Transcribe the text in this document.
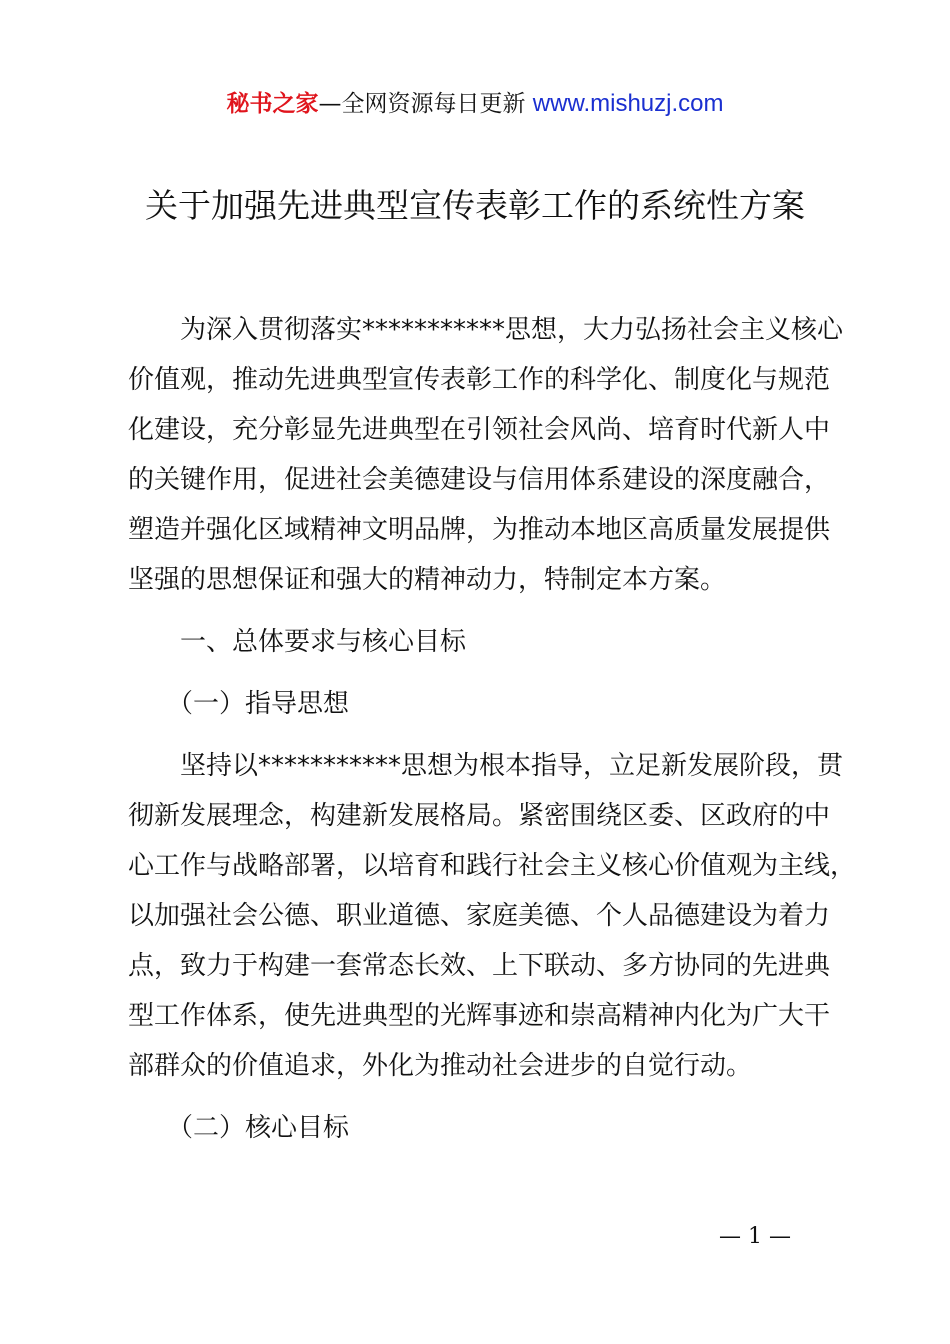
秘书之家—全网资源每日更新 www.mishuzj.com
关于加强先进典型宣传表彰工作的系统性方案
　　为深入贯彻落实***********思想，大力弘扬社会主义核心
价值观，推动先进典型宣传表彰工作的科学化、制度化与规范
化建设，充分彰显先进典型在引领社会风尚、培育时代新人中
的关键作用，促进社会美德建设与信用体系建设的深度融合，
塑造并强化区域精神文明品牌，为推动本地区高质量发展提供
坚强的思想保证和强大的精神动力，特制定本方案。
　　一、总体要求与核心目标
　　（一）指导思想
　　坚持以***********思想为根本指导，立足新发展阶段，贯
彻新发展理念，构建新发展格局。紧密围绕区委、区政府的中
心工作与战略部署，以培育和践行社会主义核心价值观为主线，
以加强社会公德、职业道德、家庭美德、个人品德建设为着力
点，致力于构建一套常态长效、上下联动、多方协同的先进典
型工作体系，使先进典型的光辉事迹和崇高精神内化为广大干
部群众的价值追求，外化为推动社会进步的自觉行动。
　　（二）核心目标
— 1 —
